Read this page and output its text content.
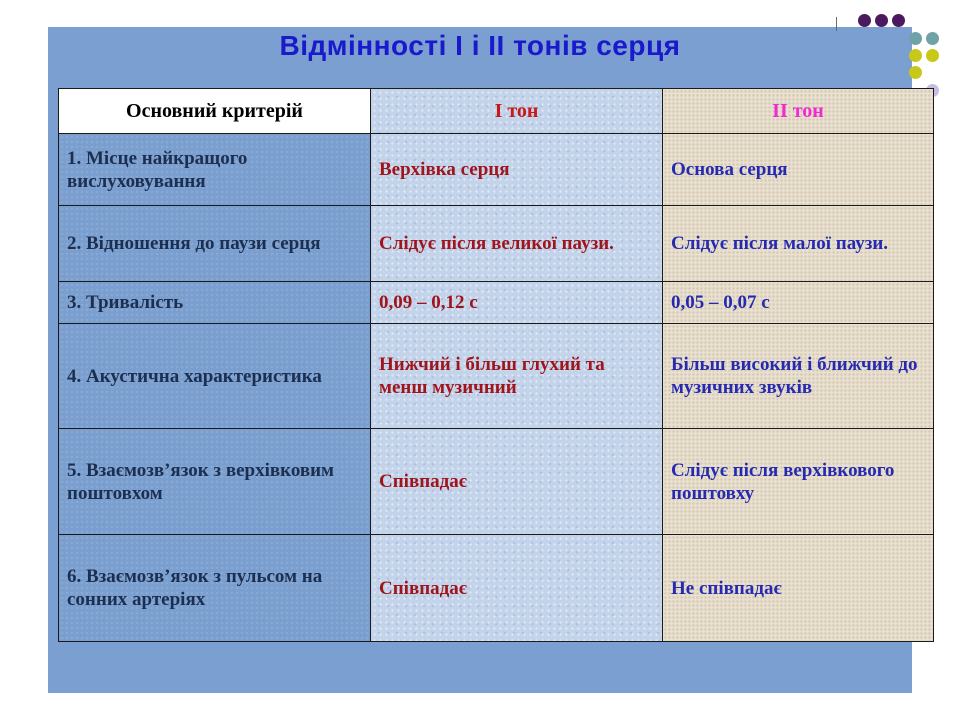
Відмінності І і ІІ тонів серця
Основний критерій	І тон	ІІ тон
1. Місце найкращого вислуховування	Верхівка серця	Основа серця
2. Відношення до паузи серця	Слідує після великої паузи.	Слідує після малої паузи.
3. Тривалість	0,09 – 0,12 с	0,05 – 0,07 с
4. Акустична характеристика	Нижчий і більш глухий та менш музичний	Більш високий і ближчий до музичних звуків
5. Взаємозв’язок з верхівковим поштовхом	Співпадає	Слідує після верхівкового поштовху
6. Взаємозв’язок з пульсом на сонних артеріях	Співпадає	Не співпадає
